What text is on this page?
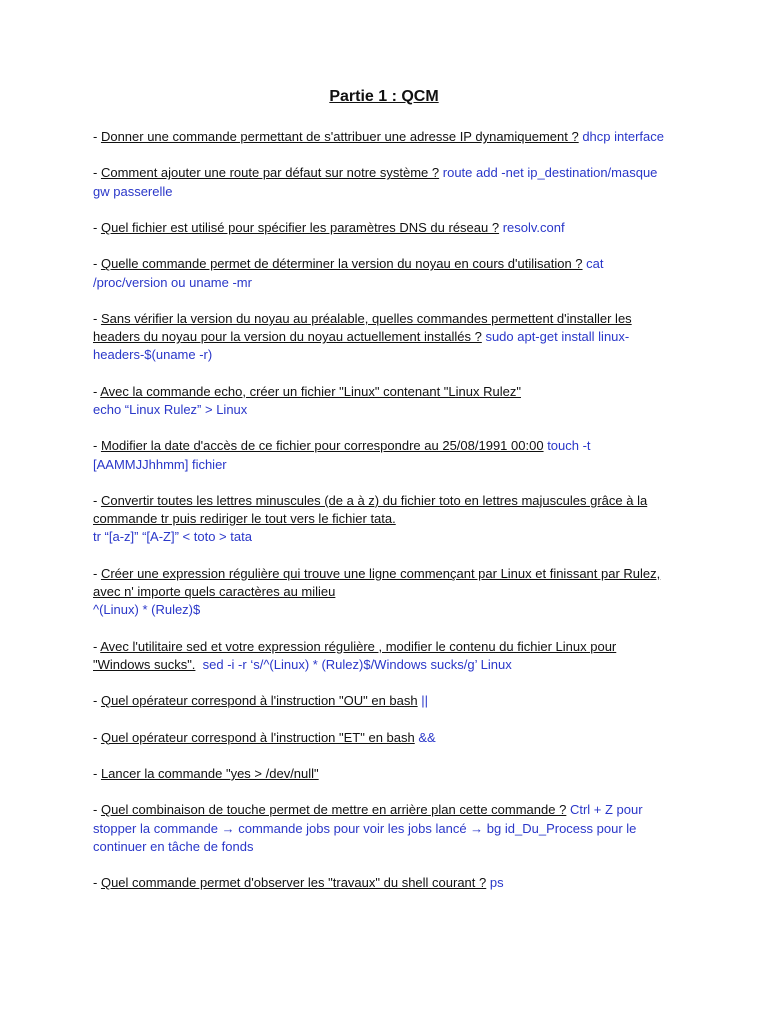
Partie 1 : QCM

- Donner une commande permettant de s'attribuer une adresse IP dynamiquement ? dhcp interface

- Comment ajouter une route par défaut sur notre système ? route add -net ip_destination/masque gw passerelle

- Quel fichier est utilisé pour spécifier les paramètres DNS du réseau ? resolv.conf

- Quelle commande permet de déterminer la version du noyau en cours d'utilisation ? cat /proc/version ou uname -mr

- Sans vérifier la version du noyau au préalable, quelles commandes permettent d'installer les headers du noyau pour la version du noyau actuellement installés ? sudo apt-get install linux-headers-$(uname -r)

- Avec la commande echo, créer un fichier "Linux" contenant "Linux Rulez"
echo “Linux Rulez” > Linux

- Modifier la date d'accès de ce fichier pour correspondre au 25/08/1991 00:00 touch -t [AAMMJJhhmm] fichier

- Convertir toutes les lettres minuscules (de a à z) du fichier toto en lettres majuscules grâce à la commande tr puis rediriger le tout vers le fichier tata.
tr “[a-z]” “[A-Z]” < toto > tata

- Créer une expression régulière qui trouve une ligne commençant par Linux et finissant par Rulez, avec n' importe quels caractères au milieu
^(Linux) * (Rulez)$

- Avec l'utilitaire sed et votre expression régulière , modifier le contenu du fichier Linux pour "Windows sucks". sed -i -r ‘s/^(Linux) * (Rulez)$/Windows sucks/g’ Linux

- Quel opérateur correspond à l'instruction "OU" en bash ||

- Quel opérateur correspond à l'instruction "ET" en bash &&

- Lancer la commande "yes > /dev/null"

- Quel combinaison de touche permet de mettre en arrière plan cette commande ? Ctrl + Z pour stopper la commande → commande jobs pour voir les jobs lancé → bg id_Du_Process pour le continuer en tâche de fonds

- Quel commande permet d'observer les "travaux" du shell courant ? ps
